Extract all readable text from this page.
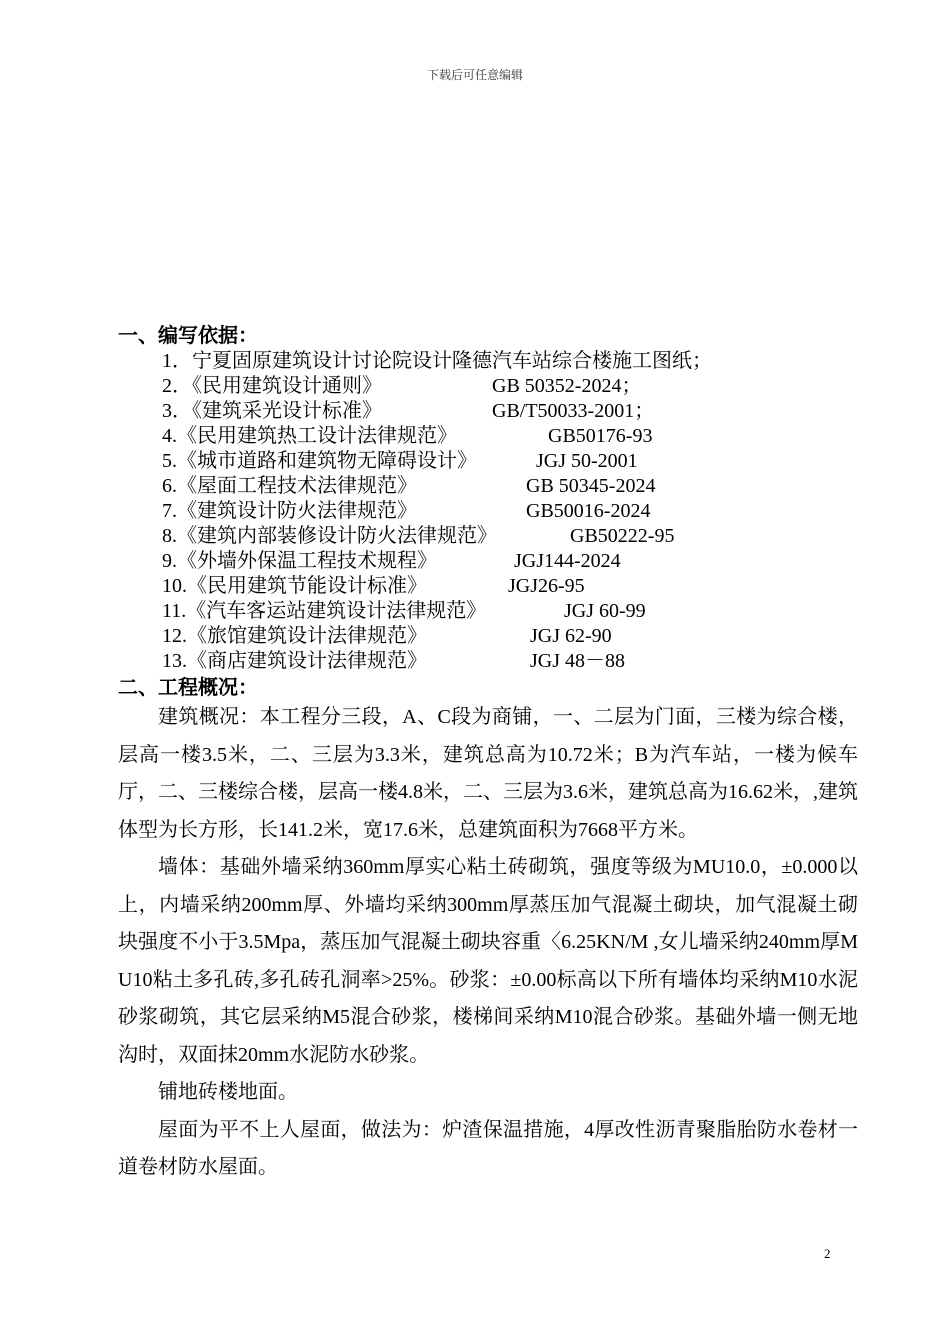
下载后可任意编辑
一、编写依据：
1．宁夏固原建筑设计讨论院设计隆德汽车站综合楼施工图纸；
2．《民用建筑设计通则》	GB 50352-2024；
3．《建筑采光设计标准》	GB/T50033-2001；
4.《民用建筑热工设计法律规范》	GB50176-93
5.《城市道路和建筑物无障碍设计》	JGJ 50-2001
6.《屋面工程技术法律规范》	GB 50345-2024
7.《建筑设计防火法律规范》	GB50016-2024
8.《建筑内部装修设计防火法律规范》	GB50222-95
9.《外墙外保温工程技术规程》	JGJ144-2024
10.《民用建筑节能设计标准》	JGJ26-95
11.《汽车客运站建筑设计法律规范》	JGJ 60-99
12.《旅馆建筑设计法律规范》	JGJ 62-90
13.《商店建筑设计法律规范》	JGJ 48－88
二、工程概况：

建筑概况：本工程分三段，A、C段为商铺，一、二层为门面，三楼为综合楼，层高一楼3.5米，二、三层为3.3米，建筑总高为10.72米；B为汽车站，一楼为候车厅，二、三楼综合楼，层高一楼4.8米，二、三层为3.6米，建筑总高为16.62米，,建筑体型为长方形，长141.2米，宽17.6米，总建筑面积为7668平方米。

墙体：基础外墙采纳360mm厚实心粘土砖砌筑，强度等级为MU10.0，±0.000以上，内墙采纳200mm厚、外墙均采纳300mm厚蒸压加气混凝土砌块，加气混凝土砌块强度不小于3.5Mpa，蒸压加气混凝土砌块容重〈6.25KN/M ,女儿墙采纳240mm厚MU10粘土多孔砖,多孔砖孔洞率>25%。砂浆：±0.00标高以下所有墙体均采纳M10水泥砂浆砌筑，其它层采纳M5混合砂浆，楼梯间采纳M10混合砂浆。基础外墙一侧无地沟时，双面抹20mm水泥防水砂浆。

铺地砖楼地面。

屋面为平不上人屋面，做法为：炉渣保温措施，4厚改性沥青聚脂胎防水卷材一道卷材防水屋面。

2
